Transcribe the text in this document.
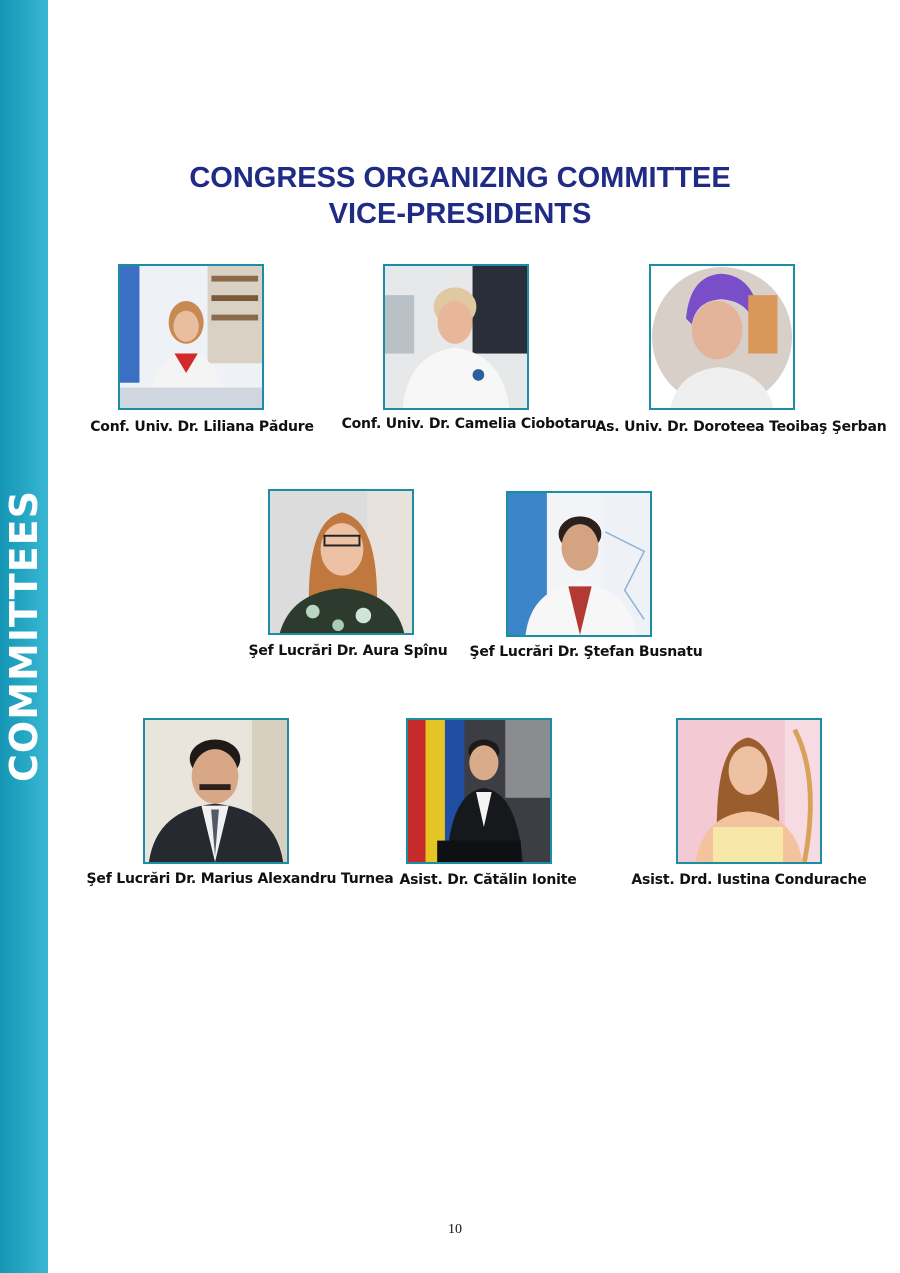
COMMITTEES
CONGRESS ORGANIZING COMMITTEE
VICE-PRESIDENTS
Conf. Univ. Dr. Liliana Pădure Conf. Univ. Dr. Camelia Ciobotaru As. Univ. Dr. Doroteea Teoibaş Şerban
Şef Lucrări Dr. Aura Spînu Şef Lucrări Dr. Ştefan Busnatu
Şef Lucrări Dr. Marius Alexandru Turnea Asist. Dr. Cătălin Ionite	Asist. Drd. Iustina Condurache
10
